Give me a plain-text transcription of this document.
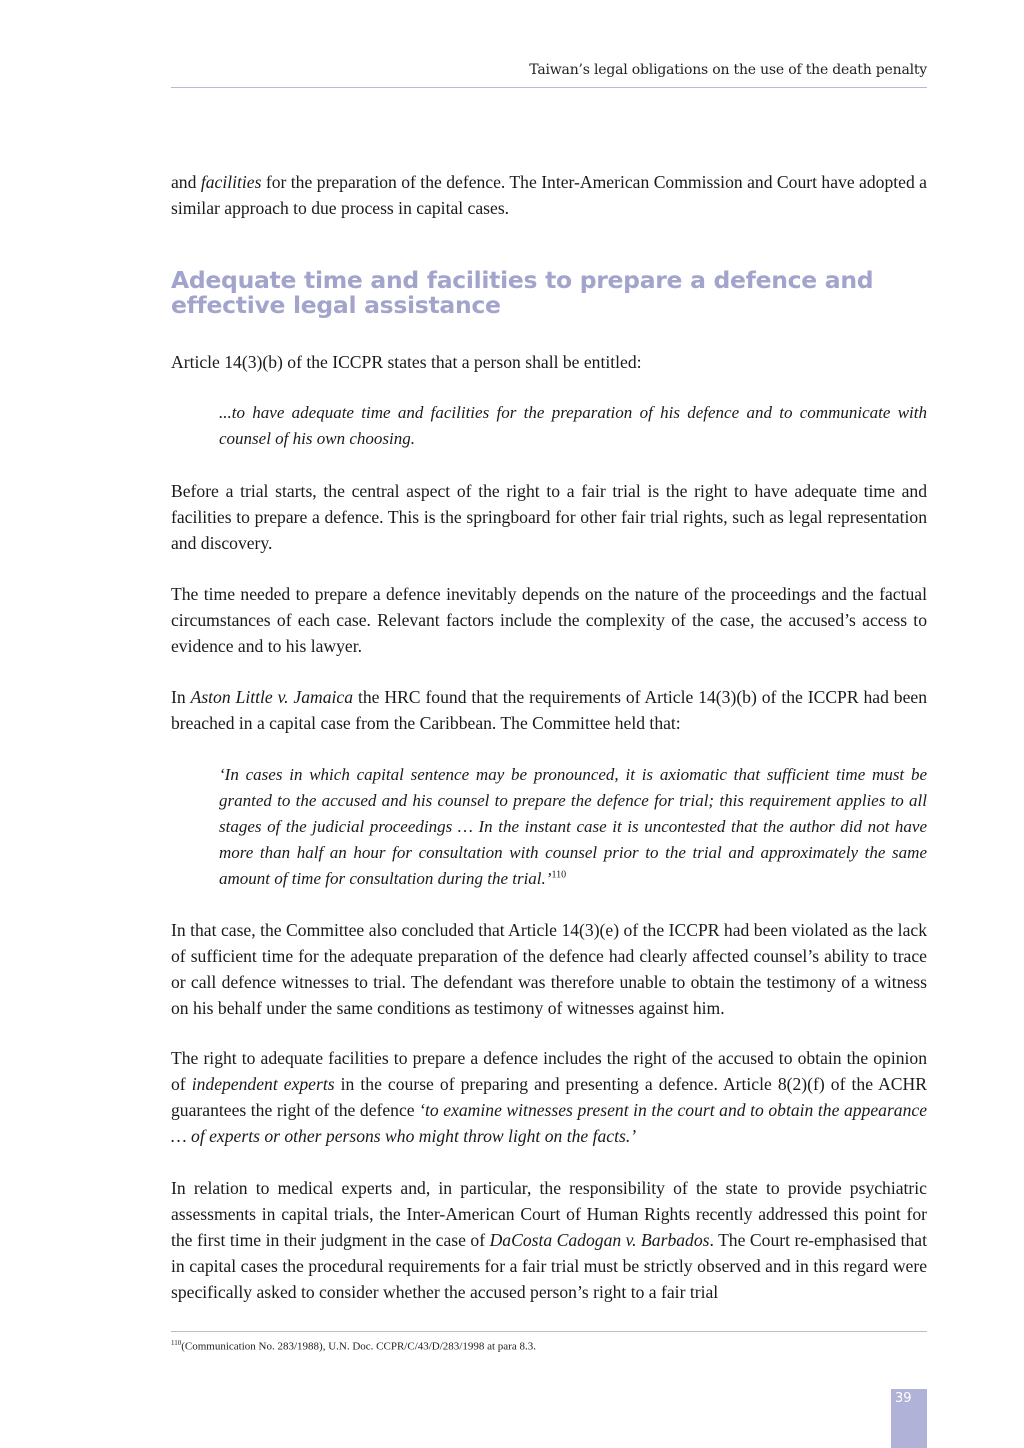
Taiwan’s legal obligations on the use of the death penalty

and facilities for the preparation of the defence. The Inter-American Commission and Court have adopted a similar approach to due process in capital cases.

Adequate time and facilities to prepare a defence and effective legal assistance

Article 14(3)(b) of the ICCPR states that a person shall be entitled:

...to have adequate time and facilities for the preparation of his defence and to communicate with counsel of his own choosing.

Before a trial starts, the central aspect of the right to a fair trial is the right to have adequate time and facilities to prepare a defence. This is the springboard for other fair trial rights, such as legal representation and discovery.

The time needed to prepare a defence inevitably depends on the nature of the proceedings and the factual circumstances of each case. Relevant factors include the complexity of the case, the accused’s access to evidence and to his lawyer.

In Aston Little v. Jamaica the HRC found that the requirements of Article 14(3)(b) of the ICCPR had been breached in a capital case from the Caribbean. The Committee held that:

‘In cases in which capital sentence may be pronounced, it is axiomatic that sufficient time must be granted to the accused and his counsel to prepare the defence for trial; this requirement applies to all stages of the judicial proceedings … In the instant case it is uncontested that the author did not have more than half an hour for consultation with counsel prior to the trial and approximately the same amount of time for consultation during the trial.’$^{110}$

In that case, the Committee also concluded that Article 14(3)(e) of the ICCPR had been violated as the lack of sufficient time for the adequate preparation of the defence had clearly affected counsel’s ability to trace or call defence witnesses to trial. The defendant was therefore unable to obtain the testimony of a witness on his behalf under the same conditions as testimony of witnesses against him.

The right to adequate facilities to prepare a defence includes the right of the accused to obtain the opinion of independent experts in the course of preparing and presenting a defence. Article 8(2)(f) of the ACHR guarantees the right of the defence ‘to examine witnesses present in the court and to obtain the appearance … of experts or other persons who might throw light on the facts.’

In relation to medical experts and, in particular, the responsibility of the state to provide psychiatric assessments in capital trials, the Inter-American Court of Human Rights recently addressed this point for the first time in their judgment in the case of DaCosta Cadogan v. Barbados. The Court re-emphasised that in capital cases the procedural requirements for a fair trial must be strictly observed and in this regard were specifically asked to consider whether the accused person’s right to a fair trial

$^{110}$(Communication No. 283/1988), U.N. Doc. CCPR/C/43/D/283/1998 at para 8.3.

39
